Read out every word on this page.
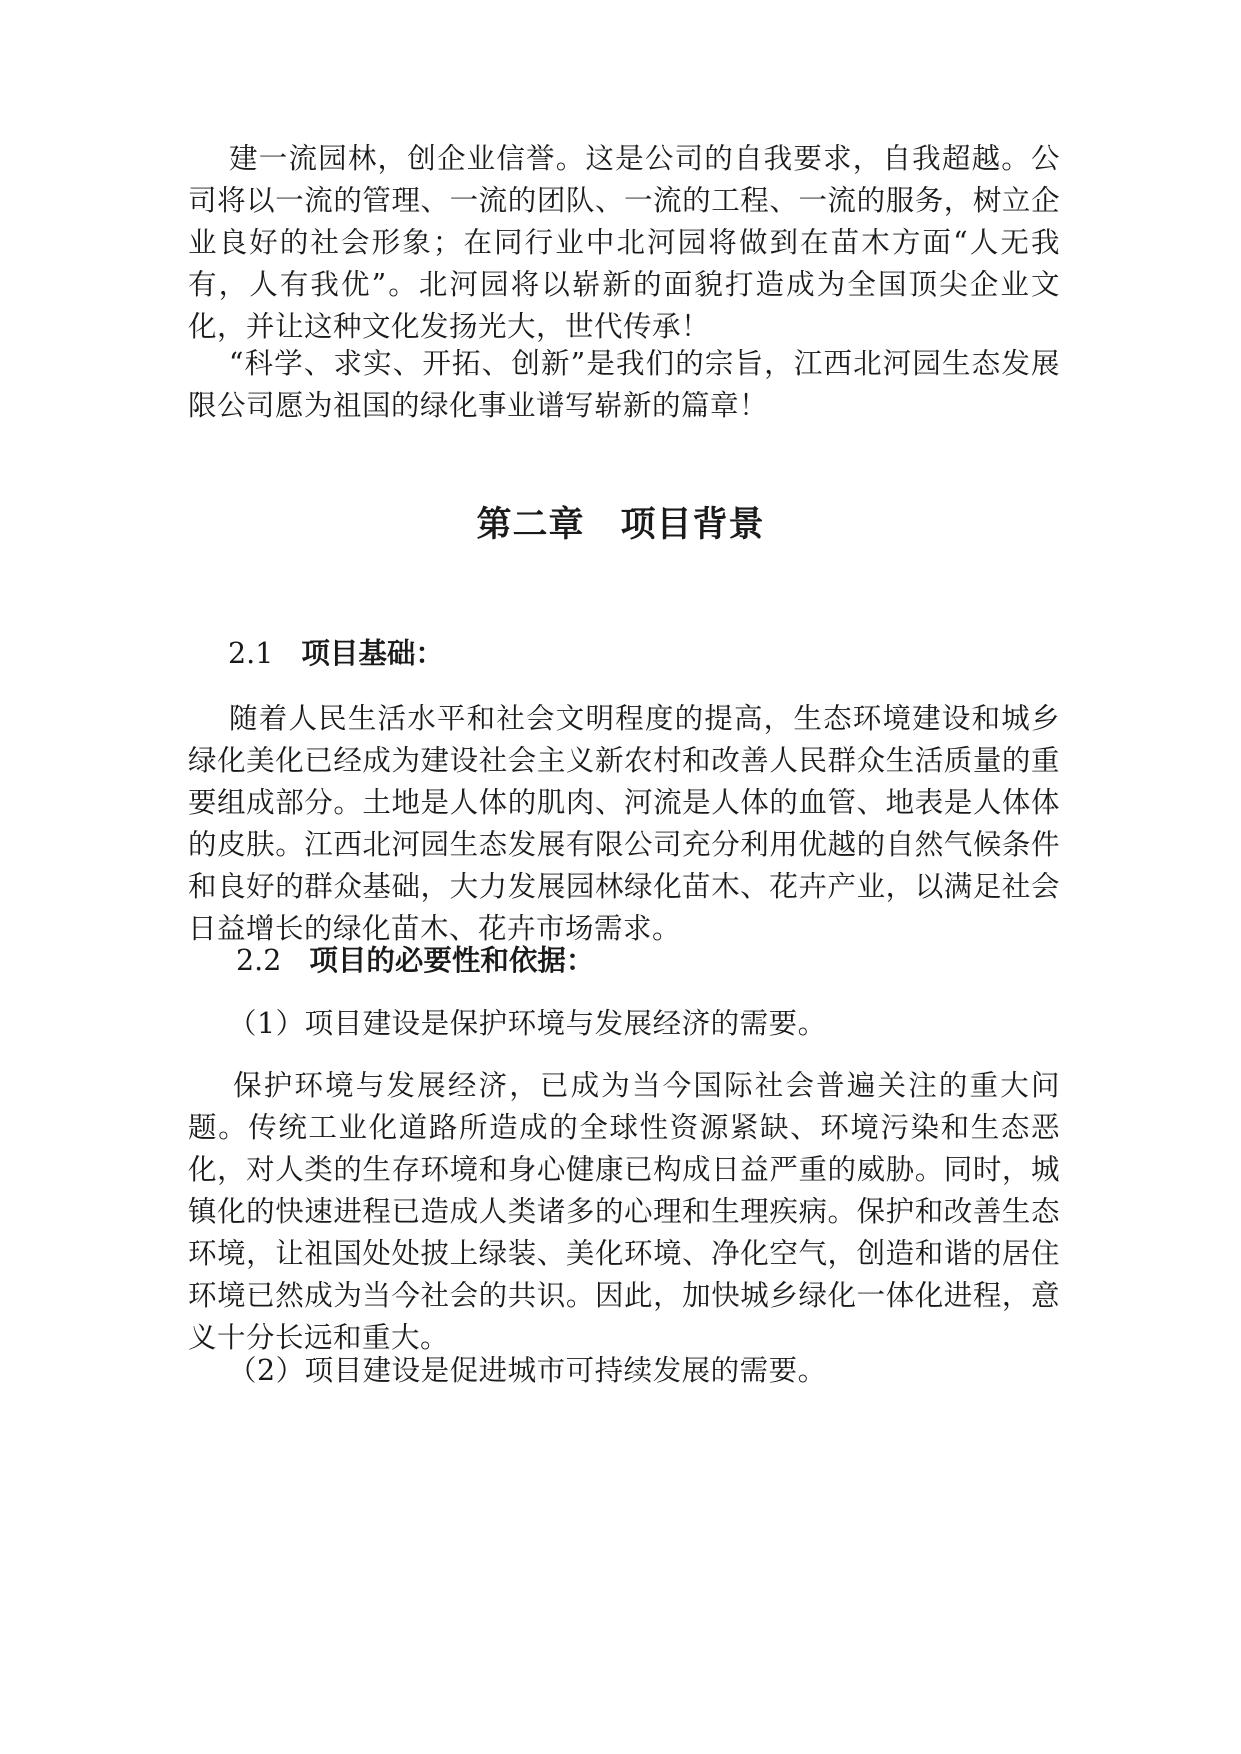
建一流园林，创企业信誉。这是公司的自我要求，自我超越。公司将以一流的管理、一流的团队、一流的工程、一流的服务，树立企业良好的社会形象；在同行业中北河园将做到在苗木方面“人无我有，人有我优”。北河园将以崭新的面貌打造成为全国顶尖企业文化，并让这种文化发扬光大，世代传承！

“科学、求实、开拓、创新”是我们的宗旨，江西北河园生态发展限公司愿为祖国的绿化事业谱写崭新的篇章！

第二章　项目背景
2.1 项目基础：

随着人民生活水平和社会文明程度的提高，生态环境建设和城乡绿化美化已经成为建设社会主义新农村和改善人民群众生活质量的重要组成部分。土地是人体的肌肉、河流是人体的血管、地表是人体体的皮肤。江西北河园生态发展有限公司充分利用优越的自然气候条件和良好的群众基础，大力发展园林绿化苗木、花卉产业，以满足社会日益增长的绿化苗木、花卉市场需求。

2.2 项目的必要性和依据：

（1）项目建设是保护环境与发展经济的需要。

保护环境与发展经济，已成为当今国际社会普遍关注的重大问题。传统工业化道路所造成的全球性资源紧缺、环境污染和生态恶化，对人类的生存环境和身心健康已构成日益严重的威胁。同时，城镇化的快速进程已造成人类诸多的心理和生理疾病。保护和改善生态环境，让祖国处处披上绿装、美化环境、净化空气，创造和谐的居住环境已然成为当今社会的共识。因此，加快城乡绿化一体化进程，意义十分长远和重大。

（2）项目建设是促进城市可持续发展的需要。
